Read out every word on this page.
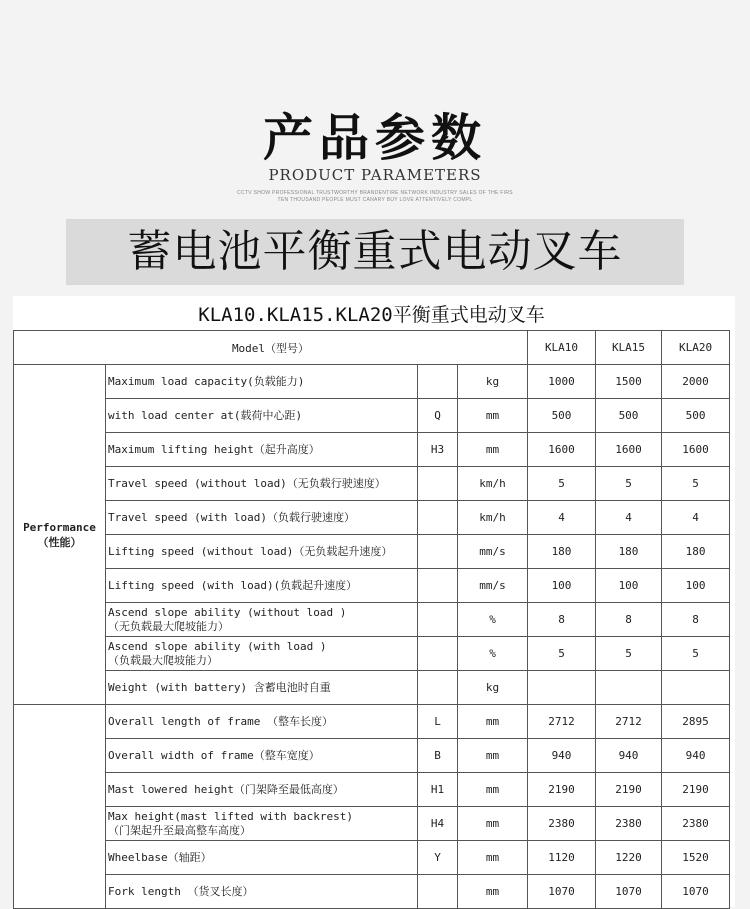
产品参数
PRODUCT PARAMETERS
CCTV SHOW PROFESSIONAL TRUSTWORTHY BRANDENTIRE NETWORK INDUSTRY SALES OF THE FIRS
TEN THOUSAND PEOPLE MUST CANARY BUY LOVE ATTENTIVELY COMPL
蓄电池平衡重式电动叉车
KLA10.KLA15.KLA20平衡重式电动叉车						
Model（型号）				KLA10	KLA15	KLA20

Performance
（性能）	Maximum load capacity(负载能力)		kg	1000	1500	2000

	with load center at(载荷中心距)	Q	mm	500	500	500

	Maximum lifting height（起升高度）	H3	mm	1600	1600	1600

	Travel speed (without load)（无负载行驶速度）		km/h	5	5	5

	Travel speed (with load)（负载行驶速度）		km/h	4	4	4

	Lifting speed (without load)（无负载起升速度）		mm/s	180	180	180

	Lifting speed (with load)(负载起升速度）		mm/s	100	100	100

	Ascend slope ability (without load )
（无负载最大爬坡能力）		%	8	8	8

	Ascend slope ability (with load )
（负载最大爬坡能力）		%	5	5	5

	Weight (with battery) 含蓄电池时自重		kg			

	Overall length of frame （整车长度）	L	mm	2712	2712	2895

	Overall width of frame（整车宽度）	B	mm	940	940	940

	Mast lowered height（门架降至最低高度）	H1	mm	2190	2190	2190

	Max height(mast lifted with backrest)
（门架起升至最高整车高度）	H4	mm	2380	2380	2380

	Wheelbase（轴距）	Y	mm	1120	1220	1520

	Fork length （货叉长度）		mm	1070	1070	1070
